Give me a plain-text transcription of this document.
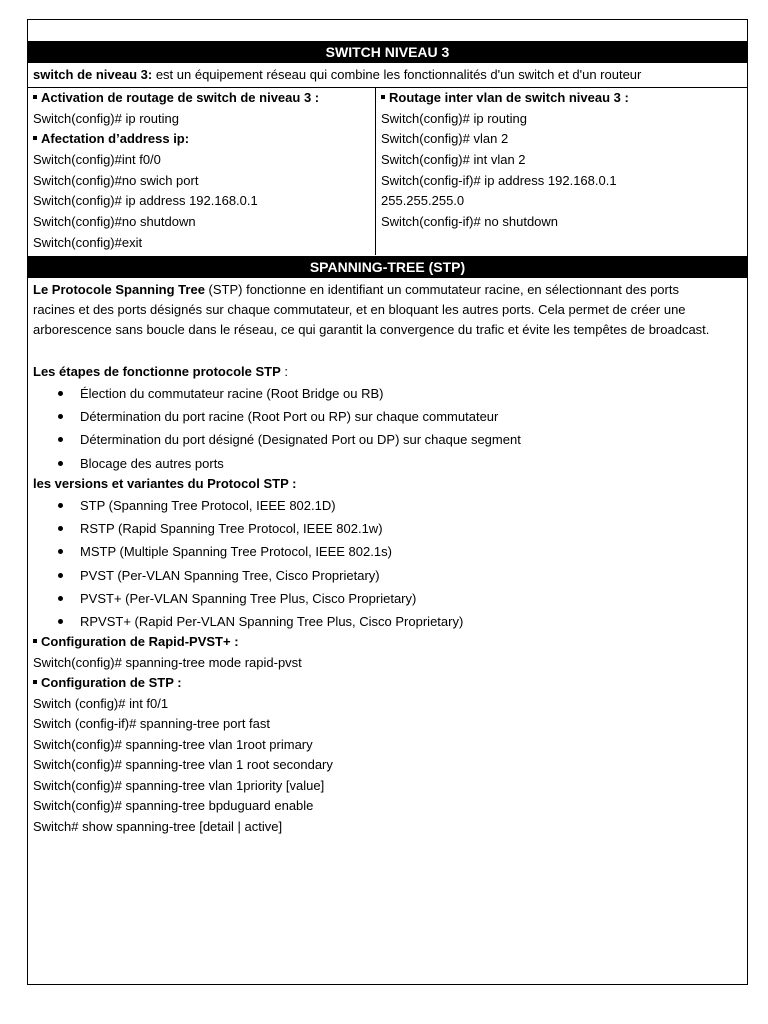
SWITCH NIVEAU 3
switch de niveau 3: est un équipement réseau qui combine les fonctionnalités d'un switch et d'un routeur
Activation de routage de switch de niveau 3 :
Switch(config)# ip routing
Afectation d’address ip:
Switch(config)#int f0/0
Switch(config)#no swich port
Switch(config)# ip address 192.168.0.1
Switch(config)#no shutdown
Switch(config)#exit
Routage inter vlan de switch niveau 3 :
Switch(config)# ip routing
Switch(config)# vlan 2
Switch(config)# int vlan 2
Switch(config-if)# ip address 192.168.0.1
255.255.255.0
Switch(config-if)# no shutdown
SPANNING-TREE (STP)
Le Protocole Spanning Tree (STP) fonctionne en identifiant un commutateur racine, en sélectionnant des ports racines et des ports désignés sur chaque commutateur, et en bloquant les autres ports. Cela permet de créer une arborescence sans boucle dans le réseau, ce qui garantit la convergence du trafic et évite les tempêtes de broadcast.
Les étapes de fonctionne protocole STP :
Élection du commutateur racine (Root Bridge ou RB)
Détermination du port racine (Root Port ou RP) sur chaque commutateur
Détermination du port désigné (Designated Port ou DP) sur chaque segment
Blocage des autres ports
les versions et variantes du Protocol STP :
STP (Spanning Tree Protocol, IEEE 802.1D)
RSTP (Rapid Spanning Tree Protocol, IEEE 802.1w)
MSTP (Multiple Spanning Tree Protocol, IEEE 802.1s)
PVST (Per-VLAN Spanning Tree, Cisco Proprietary)
PVST+ (Per-VLAN Spanning Tree Plus, Cisco Proprietary)
RPVST+ (Rapid Per-VLAN Spanning Tree Plus, Cisco Proprietary)
Configuration de Rapid-PVST+ :
Switch(config)# spanning-tree mode rapid-pvst
Configuration de STP :
Switch (config)# int f0/1
Switch (config-if)# spanning-tree port fast
Switch(config)# spanning-tree vlan 1root primary
Switch(config)# spanning-tree vlan 1 root secondary
Switch(config)# spanning-tree vlan 1priority [value]
Switch(config)# spanning-tree bpduguard enable
Switch# show spanning-tree [detail | active]
